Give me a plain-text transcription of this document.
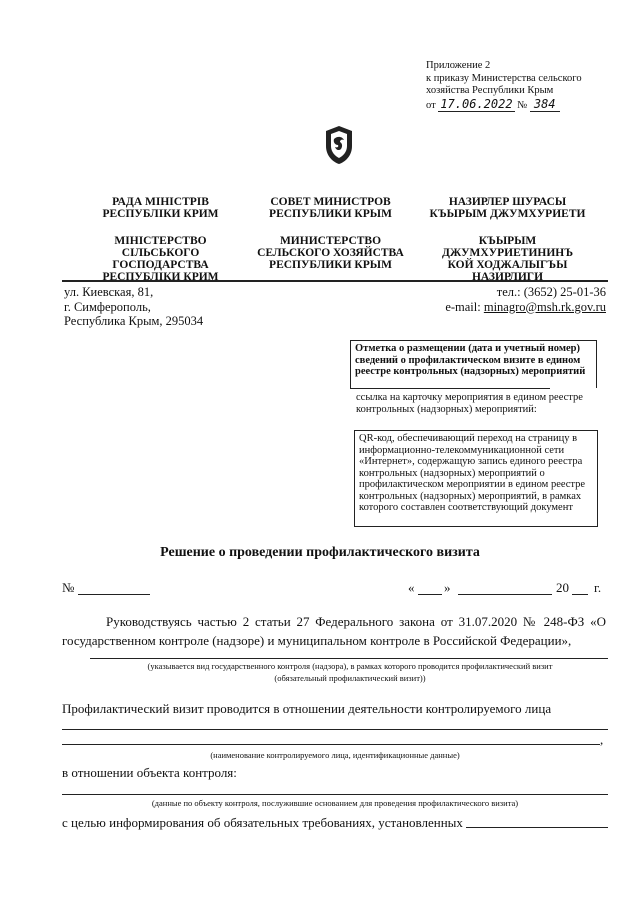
Приложение 2
к приказу Министерства сельского
хозяйства Республики Крым
от 17.06.2022 № 384
РАДА МІНІСТРІВ
РЕСПУБЛІКИ КРИМ
МІНІСТЕРСТВО
СІЛЬСЬКОГО
ГОСПОДАРСТВА
РЕСПУБЛІКИ КРИМ
СОВЕТ МИНИСТРОВ
РЕСПУБЛИКИ КРЫМ
МИНИСТЕРСТВО
СЕЛЬСКОГО ХОЗЯЙСТВА
РЕСПУБЛИКИ КРЫМ
НАЗИРЛЕР ШУРАСЫ
КЪЫРЫМ ДЖУМХУРИЕТИ
КЪЫРЫМ
ДЖУМХУРИЕТИНИНЪ
КОЙ ХОДЖАЛЫГЪЫ
НАЗИРЛИГИ
ул. Киевская, 81,
г. Симферополь,
Республика Крым, 295034
тел.: (3652) 25-01-36
e-mail: minagro@msh.rk.gov.ru
Отметка о размещении (дата и учетный номер) сведений о профилактическом визите в едином реестре контрольных (надзорных) мероприятий
ссылка на карточку мероприятия в едином реестре контрольных (надзорных) мероприятий:
QR-код, обеспечивающий переход на страницу в информационно-телекоммуникационной сети «Интернет», содержащую запись единого реестра контрольных (надзорных) мероприятий о профилактическом мероприятии в едином реестре контрольных (надзорных) мероприятий, в рамках которого составлен соответствующий документ
Решение о проведении профилактического визита
№	« »	20 г.
Руководствуясь частью 2 статьи 27 Федерального закона от 31.07.2020 № 248-ФЗ «О государственном контроле (надзоре) и муниципальном контроле в Российской Федерации»,
(указывается вид государственного контроля (надзора), в рамках которого проводится профилактический визит
(обязательный профилактический визит))
Профилактический визит проводится в отношении деятельности контролируемого лица
,
(наименование контролируемого лица, идентификационные данные)
в отношении объекта контроля:
(данные по объекту контроля, послужившие основанием для проведения профилактического визита)
с целью информирования об обязательных требованиях, установленных
